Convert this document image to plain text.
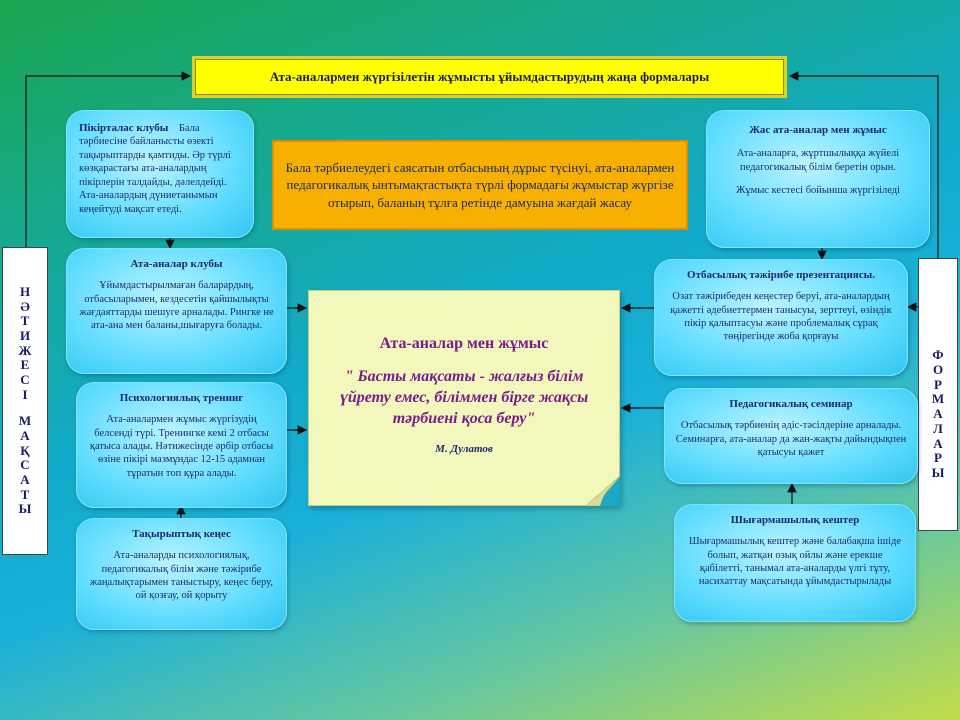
Ата-аналармен жүргізілетін жұмысты ұйымдастырудың жаңа формалары
Н
Ә
Т
И
Ж
Е
С
І
М
А
Қ
С
А
Т
Ы
Ф
О
Р
М
А
Л
А
Р
Ы
Бала тәрбиелеудегі саясатын отбасының дұрыс түсінуі, ата-аналармен педагогикалық ынтымақтастықта түрлі формадағы жұмыстар жүргізе отырып, баланың тұлға ретінде дамуына жағдай жасау
Пікірталас клубы Бала тәрбиесіне байланысты өзекті тақырыптарды қамтиды. Әр түрлі көзқарастағы ата-аналардың пікірлерін талдайды, дәлелдейді. Ата-аналардың дүниетанымын кеңейтуді мақсат етеді.

Ата-аналар клубы

Ұйымдастырылмаған баларардың, отбасыларымен, кездесетін қайшылықты жағдаяттарды шешуге арналады. Рингке не ата-ана мен баланы,шығаруға болады.

Психологиялық тренинг

Ата-аналармен жұмыс жүргізудің белсенді түрі. Тренингке кемі 2 отбасы қатыса алады. Нәтижесінде әрбір отбасы өзіне пікірі мазмұндас 12-15 адамнан тұратын топ құра алады.

Тақырыптық кеңес

Ата-аналарды психологиялық, педагогикалық білім және тәжірибе жаңалықтарымен таныстыру, кеңес беру, ой қозғау, ой қорыту

Жас ата-аналар мен жұмыс

Ата-аналарға, жұртшылыққа жүйелі педагогикалық білім беретін орын.

Жұмыс кестесі бойынша жүргізіледі

Отбасылық тәжірибе презентациясы.

Озат тәжірибеден кеңестер беруі, ата-аналардың қажетті әдебиеттермен танысуы, зерттеуі, өзіндік пікір қалыптасуы және проблемалық сұрақ төңірегінде жоба қорғауы

Педагогикалық семинар

Отбасылық тәрбиенің әдіс-тәсілдеріне арналады. Семинарға, ата-аналар да жан-жақты дайындықпен қатысуы қажет

Шығармашылық кештер

Шығармашылық кештер және балабақша ішіде болып, жатқан озық ойлы және ерекше қабілетті, танымал ата-аналарды үлгі тұту, насихаттау мақсатында ұйымдастырылады

Ата-аналар мен жұмыс
" Басты мақсаты - жалғыз білім үйрету емес, біліммен бірге жақсы тәрбиені қоса беру"
М. Дулатов
